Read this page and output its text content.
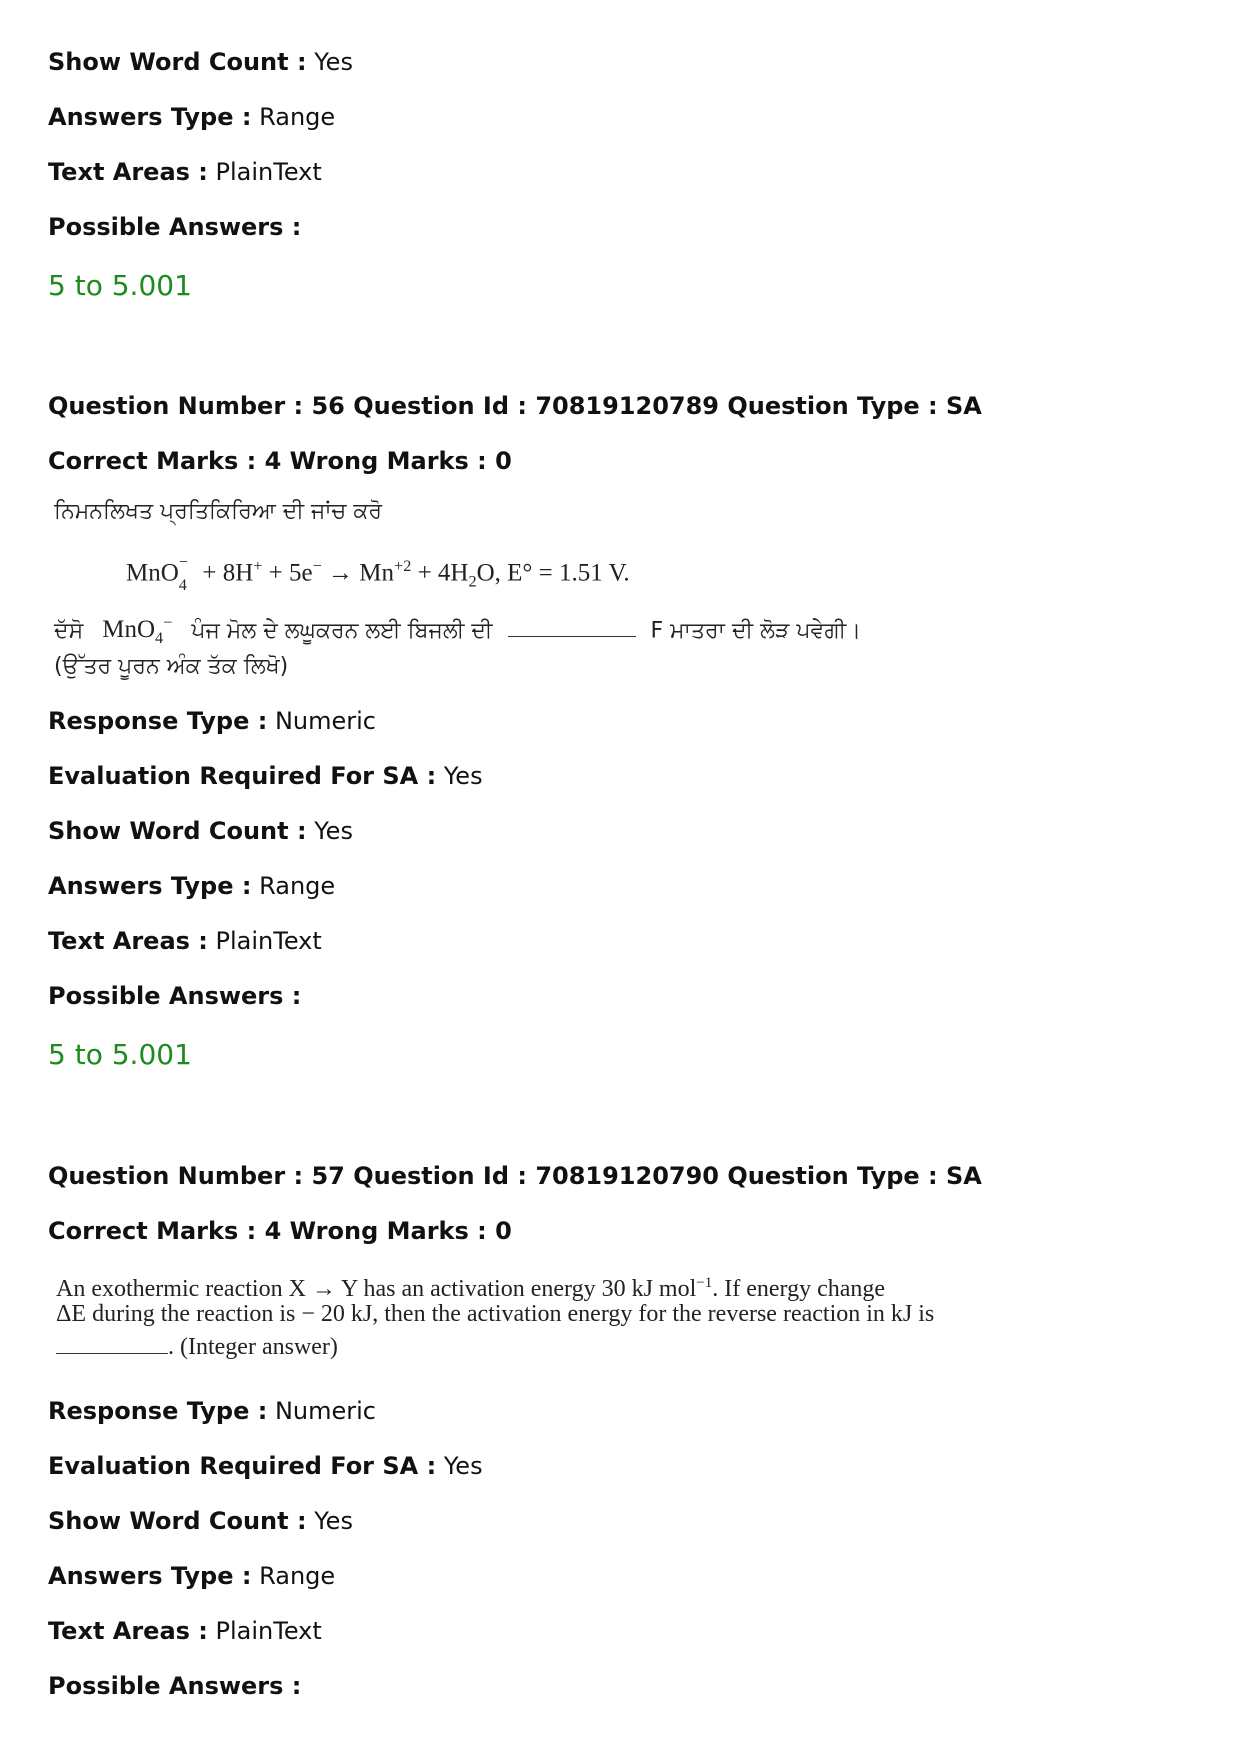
Show Word Count : Yes
Answers Type : Range
Text Areas : PlainText
Possible Answers :
5 to 5.001
Question Number : 56 Question Id : 70819120789 Question Type : SA
Correct Marks : 4 Wrong Marks : 0
ਨਿਮਨਲਿਖਤ ਪ੍ਰਤਿਕਿਰਿਆ ਦੀ ਜਾਂਚ ਕਰੋ
$MnO_4^- + 8H^+ + 5e^- \to Mn^{+2} + 4H_2O$, E° = 1.51 V.
ਦੱਸੋ MnO$_4$− ਪੰਜ ਮੋਲ ਦੇ ਲਘੂਕਰਨ ਲਈ ਬਿਜਲੀ ਦੀ	F ਮਾਤਰਾ ਦੀ ਲੋੜ ਪਵੇਗੀ।
(ਉੱਤਰ ਪੂਰਨ ਅੰਕ ਤੱਕ ਲਿਖੋ)
Response Type : Numeric
Evaluation Required For SA : Yes
Show Word Count : Yes
Answers Type : Range
Text Areas : PlainText
Possible Answers :
5 to 5.001
Question Number : 57 Question Id : 70819120790 Question Type : SA
Correct Marks : 4 Wrong Marks : 0
An exothermic reaction X → Y has an activation energy 30 kJ mol$^{-1}$. If energy change
ΔE during the reaction is − 20 kJ, then the activation energy for the reverse reaction in kJ is
. (Integer answer)
Response Type : Numeric
Evaluation Required For SA : Yes
Show Word Count : Yes
Answers Type : Range
Text Areas : PlainText
Possible Answers :
